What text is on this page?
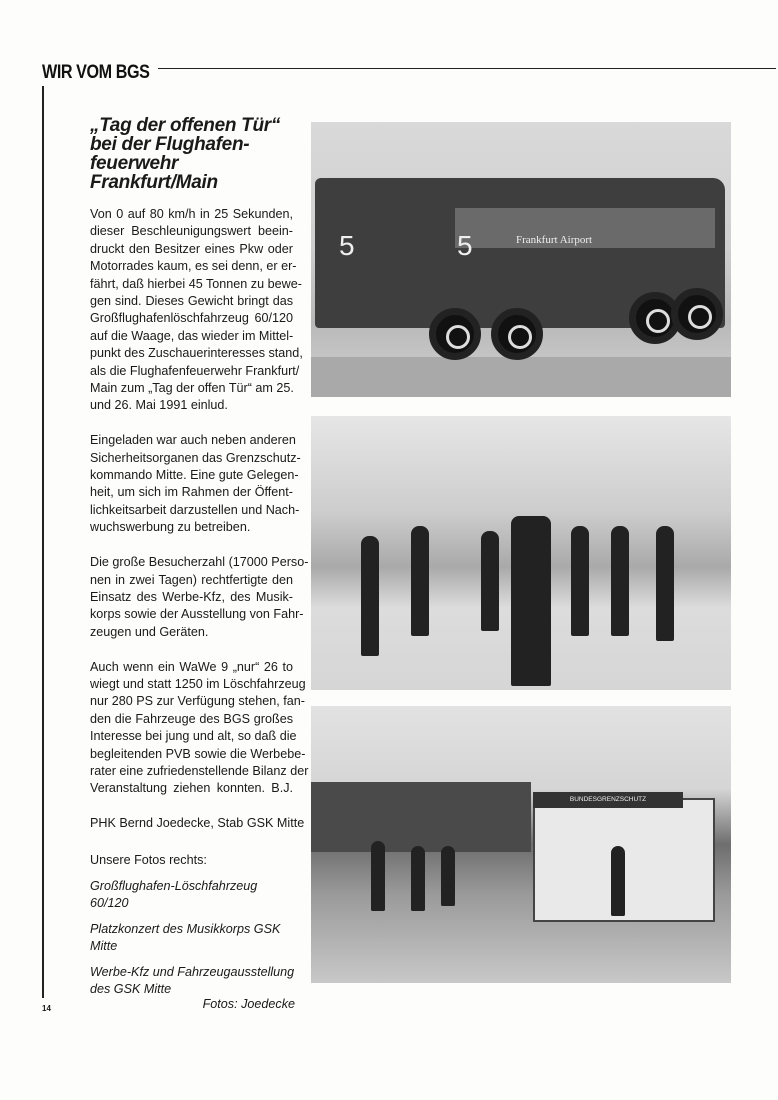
WIR VOM BGS
„Tag der offenen Tür“
bei der Flughafen-
feuerwehr
Frankfurt/Main
Von 0 auf 80 km/h in 25 Sekunden,
dieser Beschleunigungswert beein-
druckt den Besitzer eines Pkw oder
Motorrades kaum, es sei denn, er er-
fährt, daß hierbei 45 Tonnen zu bewe-
gen sind. Dieses Gewicht bringt das
Großflughafenlöschfahrzeug 60/120
auf die Waage, das wieder im Mittel-
punkt des Zuschauerinteresses stand,
als die Flughafenfeuerwehr Frankfurt/
Main zum „Tag der offen Tür“ am 25.
und 26. Mai 1991 einlud.
Eingeladen war auch neben anderen
Sicherheitsorganen das Grenzschutz-
kommando Mitte. Eine gute Gelegen-
heit, um sich im Rahmen der Öffent-
lichkeitsarbeit darzustellen und Nach-
wuchswerbung zu betreiben.
Die große Besucherzahl (17000 Perso-
nen in zwei Tagen) rechtfertigte den
Einsatz des Werbe-Kfz, des Musik-
korps sowie der Ausstellung von Fahr-
zeugen und Geräten.
Auch wenn ein WaWe 9 „nur“ 26 to
wiegt und statt 1250 im Löschfahrzeug
nur 280 PS zur Verfügung stehen, fan-
den die Fahrzeuge des BGS großes
Interesse bei jung und alt, so daß die
begleitenden PVB sowie die Werbebe-
rater eine zufriedenstellende Bilanz der
Veranstaltung ziehen konnten. B.J.
PHK Bernd Joedecke, Stab GSK Mitte
Unsere Fotos rechts:
Großflughafen-Löschfahrzeug 60/120
Platzkonzert des Musikkorps GSK Mitte
Werbe-Kfz und Fahrzeugausstellung des GSK Mitte
Fotos: Joedecke
5	5	Frankfurt Airport
BUNDESGRENZSCHUTZ
14
